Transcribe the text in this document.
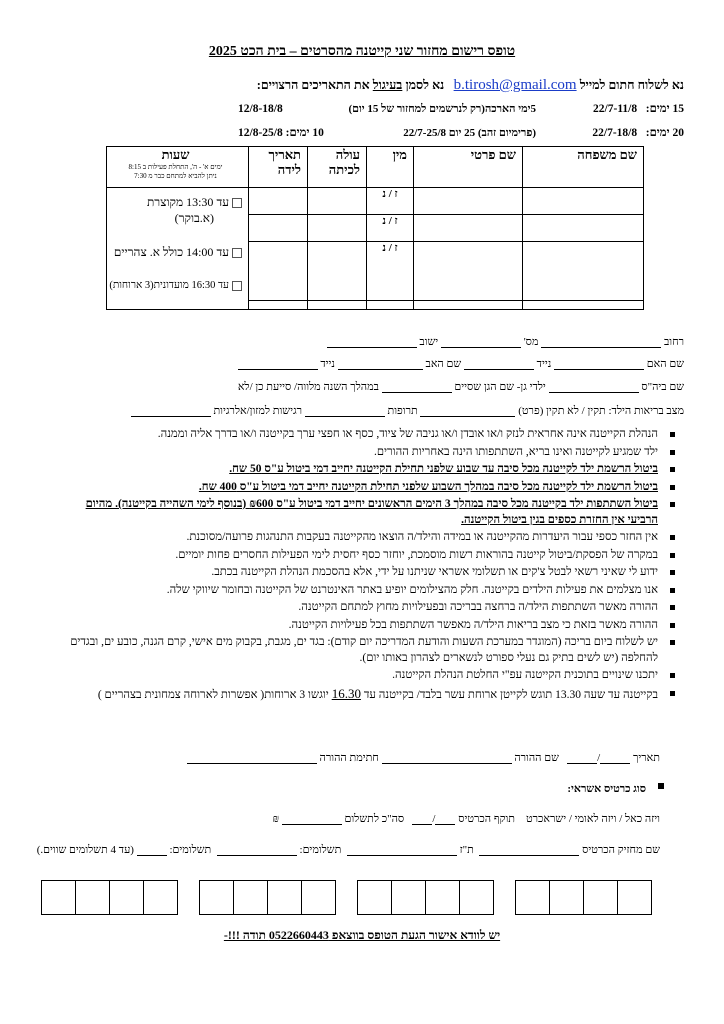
טופס רישום מחזור שני קייטנה מהסרטים – בית הכט 2025
נא לשלוח חתום למייל b.tirosh@gmail.com   נא לסמן בעיגול את התאריכים הרצויים:
15 ימים:   22/7-11/8
5ימי הארכה(רק לנרשמים למחזור של 15 יום)
12/8-18/8
20 ימים:   22/7-18/8
(פרימיום זהב) 25 יום 22/7-25/8
10 ימים: 12/8-25/8
שם משפחה	שם פרטי	מין	עולה לכיתה	תאריך לידה	שעות
ימים א' - ה', התחלת פעילות ב 8:15
ניתן להביא למתחם כבר מ 7:30

		ז / נ			עד 13:30 מקוצרת
(א.בוקר)
עד 14:00 כולל א. צהריים
עד 16:30 מועדונית(3 ארוחות)

		ז / נ			
		ז / נ			

רחוב  מס'  ישוב
שם האם  נייד  שם האב  נייד
שם ביה"ס  ילדי גן- שם הגן שסיים  במהלך השנה מלווה/ סייעת כן /לא
מצב בריאות הילד: תקין / לא תקין (פרט)  תרופות  רגישות למזון/אלרגיות
הנהלת הקייטנה אינה אחראית לנזק ו/או אובדן ו/או גניבה של ציוד, כסף או חפצי ערך בקייטנה ו/או בדרך אליה וממנה.
ילד שמגיע לקייטנה ואינו בריא, השתתפותו הינה באחריות ההורים.
ביטול הרשמת ילד לקייטנה מכל סיבה עד שבוע שלפני תחילת הקייטנה יחייב דמי ביטול ע"ס 50 שח.
ביטול הרשמת ילד לקייטנה מכל סיבה במהלך השבוע שלפני תחילת הקייטנה יחייב דמי ביטול ע"ס 400 שח.
ביטול השתתפות ילד בקייטנה מכל סיבה במהלך 3 הימים הראשונים יחייב דמי ביטול ע"ס ₪600 (בנוסף לימי השהייה בקייטנה). מהיום הרביעי אין החזרת כספים בגין ביטול הקייטנה.
אין החזר כספי עבור היעדרות מהקייטנה או במידה והילד/ה הוצאו מהקייטנה בעקבות התנהגות פרועה/מסוכנת.
במקרה של הפסקת/ביטול קייטנה בהוראות רשות מוסמכת, יוחזר כסף יחסית לימי הפעילות החסרים פחות יומיים.
ידוע לי שאיני רשאי לבטל צ'קים או תשלומי אשראי שניתנו על ידי, אלא בהסכמת הנהלת הקייטנה בכתב.
אנו מצלמים את פעילות הילדים בקייטנה. חלק מהצילומים יופיע באתר האינטרנט של הקייטנה ובחומר שיווקי שלה.
ההורה מאשר השתתפות הילד/ה ברחצה בבריכה ובפעילויות מחוץ למתחם הקייטנה.
ההורה מאשר בזאת כי מצב בריאות הילד/ה מאפשר השתתפות בכל פעילויות הקייטנה.
יש לשלוח ביום בריכה (המוגדר במערכת השעות והודעת המדריכה יום קודם): בגד ים, מגבת, בקבוק מים אישי, קרם הגנה, כובע ים, ובגדים להחלפה (יש לשים בתיק גם נעלי ספורט לנשארים לצהרון באותו יום).
יתכנו שינויים בתוכנית הקייטנה עפ"י החלטת הנהלת הקייטנה.
בקייטנה עד שעה 13.30 תוגש לקייטן ארוחת עשר בלבד/ בקייטנה עד 16.30 יוגשו 3 ארוחות( אפשרות לארוחה צמחונית בצהריים )
תאריך /   שם ההורה  חתימת ההורה
סוג כרטיס אשראי:
ויזה כאל / ויזה לאומי / ישראכרט    תוקף הכרטיס /   סה"כ לתשלום  ₪
שם מחזיק הכרטיס   ת"ז   תשלומים:   תשלומים:  (עד 4 תשלומים שווים.)
יש לוודא אישור הגעת הטופס בווצאפ 0522660443 תודה !!!-
